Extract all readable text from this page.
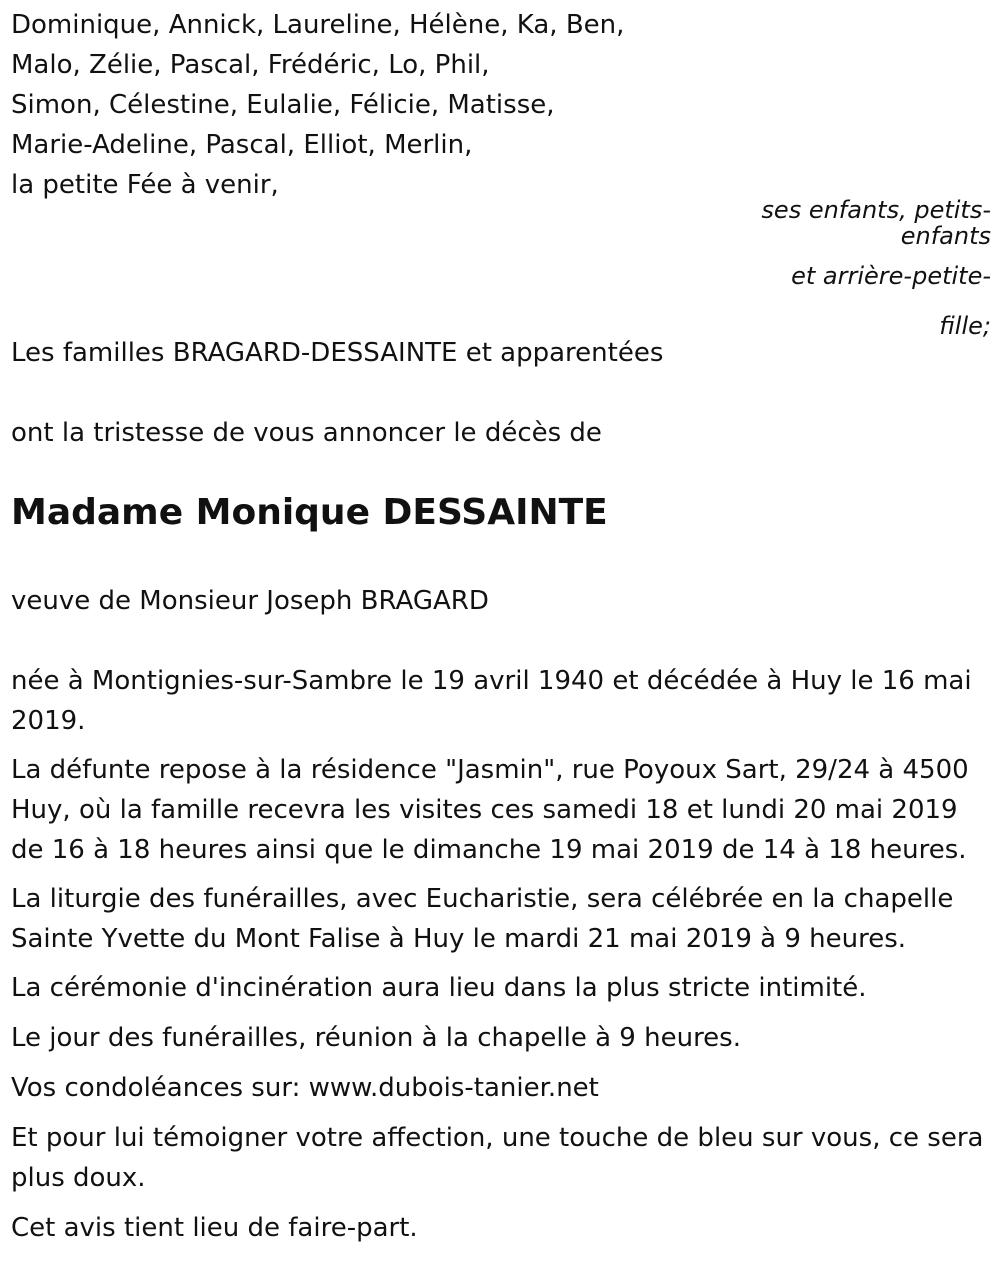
Dominique, Annick, Laureline, Hélène, Ka, Ben,
Malo, Zélie, Pascal, Frédéric, Lo, Phil,
Simon, Célestine, Eulalie, Félicie, Matisse,
Marie-Adeline, Pascal, Elliot, Merlin,
la petite Fée à venir,

Les familles BRAGARD-DESSAINTE et apparentées

ont la tristesse de vous annoncer le décès de

Madame Monique DESSAINTE

veuve de Monsieur Joseph BRAGARD

née à Montignies-sur-Sambre le 19 avril 1940 et décédée à Huy le 16 mai 2019.

La défunte repose à la résidence "Jasmin", rue Poyoux Sart, 29/24 à 4500 Huy, où la famille recevra les visites ces samedi 18 et lundi 20 mai 2019 de 16 à 18 heures ainsi que le dimanche 19 mai 2019 de 14 à 18 heures.

La liturgie des funérailles, avec Eucharistie, sera célébrée en la chapelle Sainte Yvette du Mont Falise à Huy le mardi 21 mai 2019 à 9 heures.

La cérémonie d'incinération aura lieu dans la plus stricte intimité.

Le jour des funérailles, réunion à la chapelle à 9 heures.

Vos condoléances sur: www.dubois-tanier.net

Et pour lui témoigner votre affection, une touche de bleu sur vous, ce sera plus doux.

Cet avis tient lieu de faire-part.

ses enfants, petits-
enfants
et arrière-petite-
fille;
